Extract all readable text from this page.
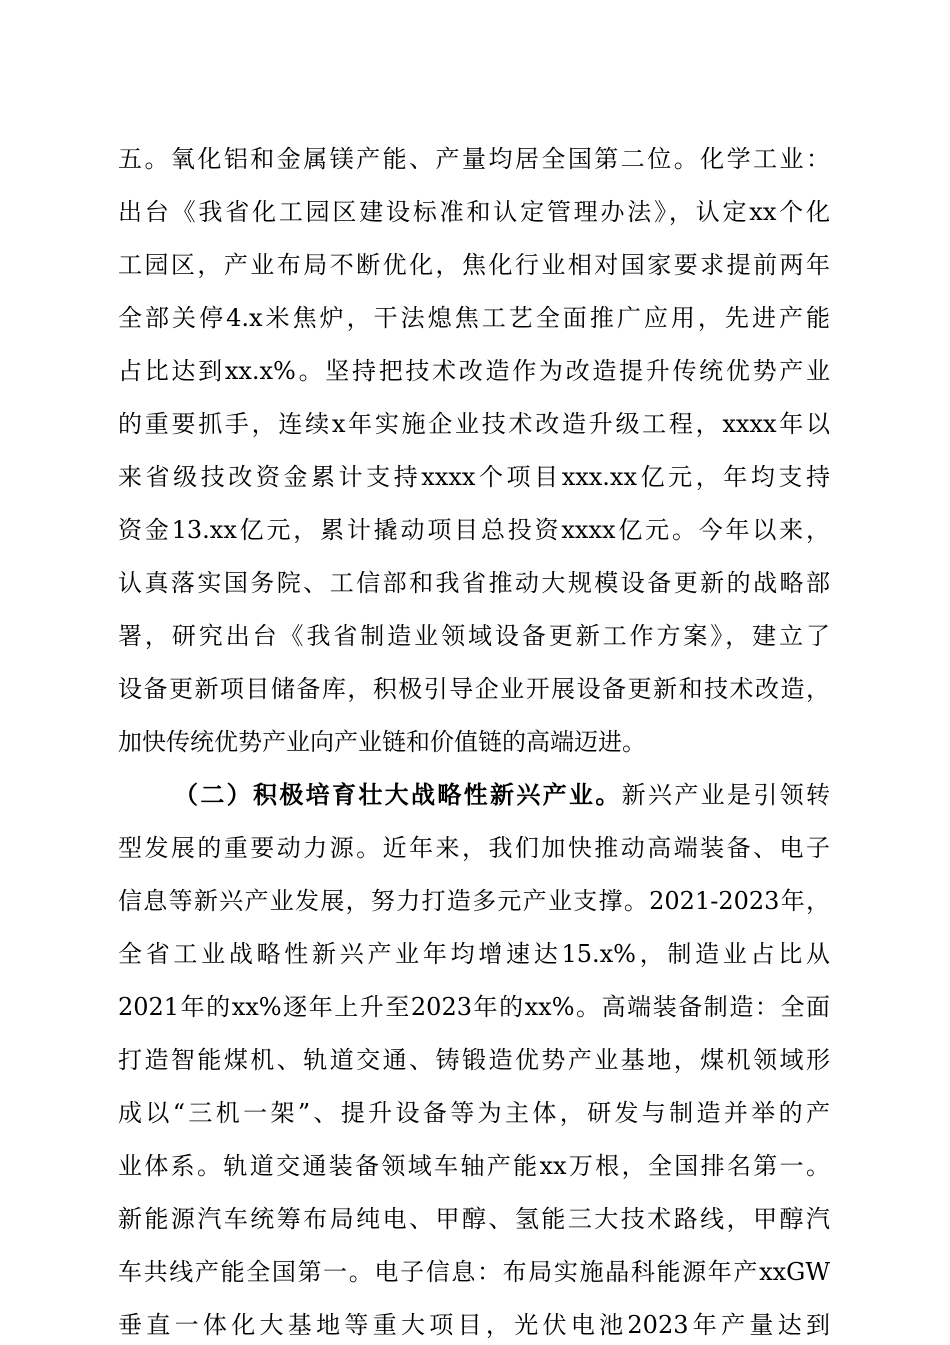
五。氧化铝和金属镁产能、产量均居全国第二位。化学工业：
出台《我省化工园区建设标准和认定管理办法》，认定xx个化
工园区，产业布局不断优化，焦化行业相对国家要求提前两年
全部关停4.x米焦炉，干法熄焦工艺全面推广应用，先进产能
占比达到xx.x%。坚持把技术改造作为改造提升传统优势产业
的重要抓手，连续x年实施企业技术改造升级工程，xxxx年以
来省级技改资金累计支持xxxx个项目xxx.xx亿元，年均支持
资金13.xx亿元，累计撬动项目总投资xxxx亿元。今年以来，
认真落实国务院、工信部和我省推动大规模设备更新的战略部
署，研究出台《我省制造业领域设备更新工作方案》，建立了
设备更新项目储备库，积极引导企业开展设备更新和技术改造，
加快传统优势产业向产业链和价值链的高端迈进。
（二）积极培育壮大战略性新兴产业。新兴产业是引领转
型发展的重要动力源。近年来，我们加快推动高端装备、电子
信息等新兴产业发展，努力打造多元产业支撑。2021-2023年，
全省工业战略性新兴产业年均增速达15.x%，制造业占比从
2021年的xx%逐年上升至2023年的xx%。高端装备制造：全面
打造智能煤机、轨道交通、铸锻造优势产业基地，煤机领域形
成以“三机一架”、提升设备等为主体，研发与制造并举的产
业体系。轨道交通装备领域车轴产能xx万根，全国排名第一。
新能源汽车统筹布局纯电、甲醇、氢能三大技术路线，甲醇汽
车共线产能全国第一。电子信息：布局实施晶科能源年产xxGW
垂直一体化大基地等重大项目，光伏电池2023年产量达到
